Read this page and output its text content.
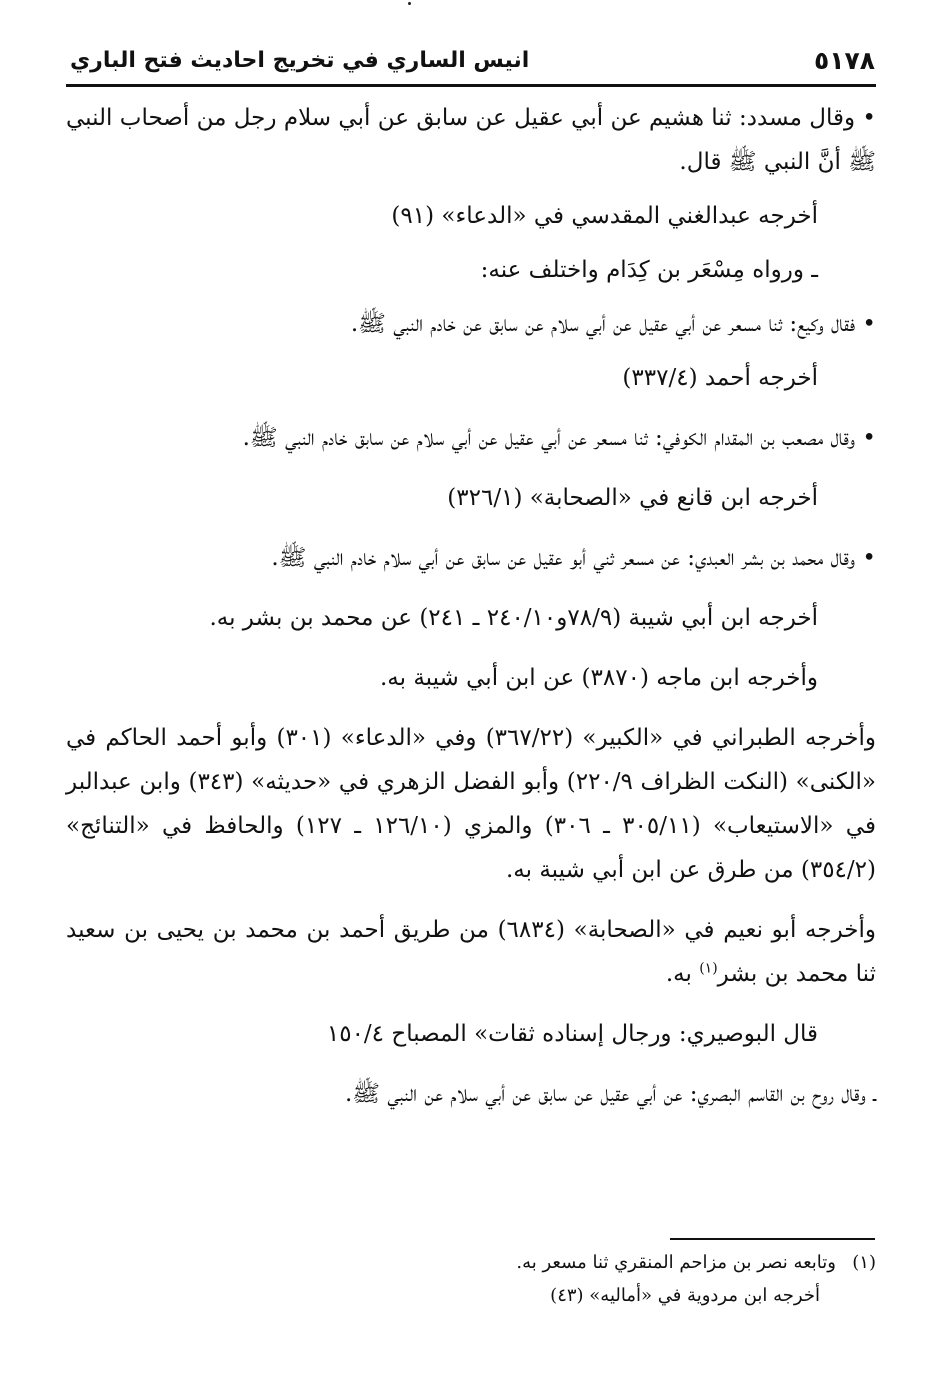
٥١٧٨
انيس الساري في تخريج احاديث فتح الباري

• وقال مسدد: ثنا هشيم عن أبي عقيل عن سابق عن أبي سلام رجل من أصحاب النبي ﷺ أنَّ النبي ﷺ قال.

أخرجه عبدالغني المقدسي في «الدعاء» (٩١)

ـ ورواه مِسْعَر بن كِدَام واختلف عنه:

• فقال وكيع: ثنا مسعر عن أبي عقيل عن أبي سلام عن سابق عن خادم النبي ﷺ.

أخرجه أحمد (٣٣٧/٤)

• وقال مصعب بن المقدام الكوفي: ثنا مسعر عن أبي عقيل عن أبي سلام عن سابق خادم النبي ﷺ.

أخرجه ابن قانع في «الصحابة» (٣٢٦/١)

• وقال محمد بن بشر العبدي: عن مسعر ثني أبو عقيل عن سابق عن أبي سلام خادم النبي ﷺ.

أخرجه ابن أبي شيبة (٧٨/٩و٢٤٠/١٠ ـ ٢٤١) عن محمد بن بشر به.

وأخرجه ابن ماجه (٣٨٧٠) عن ابن أبي شيبة به.

وأخرجه الطبراني في «الكبير» (٣٦٧/٢٢) وفي «الدعاء» (٣٠١) وأبو أحمد الحاكم في «الكنى» (النكت الظراف ٢٢٠/٩) وأبو الفضل الزهري في «حديثه» (٣٤٣) وابن عبدالبر في «الاستيعاب» (٣٠٥/١١ ـ ٣٠٦) والمزي (١٢٦/١٠ ـ ١٢٧) والحافظ في «التنائج» (٣٥٤/٢) من طرق عن ابن أبي شيبة به.

وأخرجه أبو نعيم في «الصحابة» (٦٨٣٤) من طريق أحمد بن محمد بن يحيى بن سعيد ثنا محمد بن بشر$^{(١)}$ به.

قال البوصيري: ورجال إسناده ثقات» المصباح ١٥٠/٤

ـ وقال روح بن القاسم البصري: عن أبي عقيل عن سابق عن أبي سلام عن النبي ﷺ.

(١)وتابعه نصر بن مزاحم المنقري ثنا مسعر به.

أخرجه ابن مردوية في «أماليه» (٤٣)
